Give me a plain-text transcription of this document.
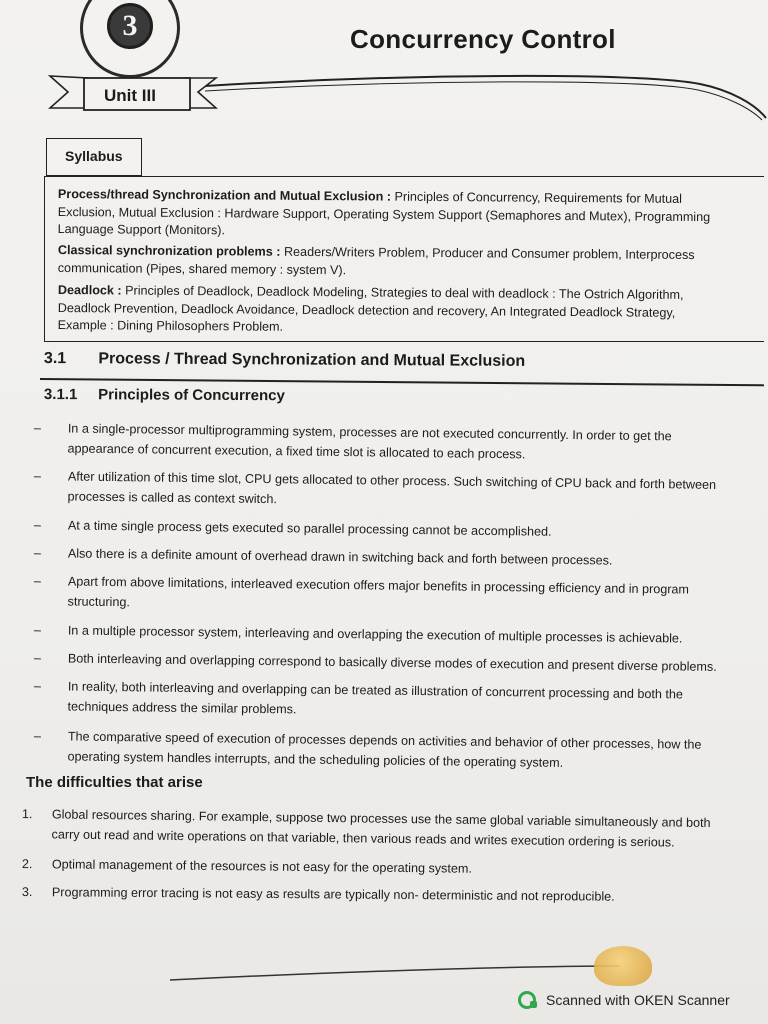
3
Unit III
Concurrency Control
Syllabus
Process/thread Synchronization and Mutual Exclusion : Principles of Concurrency, Requirements for Mutual
Exclusion, Mutual Exclusion : Hardware Support, Operating System Support (Semaphores and Mutex), Programming
Language Support (Monitors).
Classical synchronization problems : Readers/Writers Problem, Producer and Consumer problem, Interprocess
communication (Pipes, shared memory : system V).
Deadlock : Principles of Deadlock, Deadlock Modeling, Strategies to deal with deadlock : The Ostrich Algorithm,
Deadlock Prevention, Deadlock Avoidance, Deadlock detection and recovery, An Integrated Deadlock Strategy,
Example : Dining Philosophers Problem.
3.1 Process / Thread Synchronization and Mutual Exclusion
3.1.1 Principles of Concurrency
– In a single-processor multiprogramming system, processes are not executed concurrently. In order to get the
appearance of concurrent execution, a fixed time slot is allocated to each process.
– After utilization of this time slot, CPU gets allocated to other process. Such switching of CPU back and forth between
processes is called as context switch.
– At a time single process gets executed so parallel processing cannot be accomplished.
– Also there is a definite amount of overhead drawn in switching back and forth between processes.
– Apart from above limitations, interleaved execution offers major benefits in processing efficiency and in program
structuring.
– In a multiple processor system, interleaving and overlapping the execution of multiple processes is achievable.
– Both interleaving and overlapping correspond to basically diverse modes of execution and present diverse problems.
– In reality, both interleaving and overlapping can be treated as illustration of concurrent processing and both the
techniques address the similar problems.
– The comparative speed of execution of processes depends on activities and behavior of other processes, how the
operating system handles interrupts, and the scheduling policies of the operating system.
The difficulties that arise
1. Global resources sharing. For example, suppose two processes use the same global variable simultaneously and both
carry out read and write operations on that variable, then various reads and writes execution ordering is serious.
2. Optimal management of the resources is not easy for the operating system.
3. Programming error tracing is not easy as results are typically non- deterministic and not reproducible.
Scanned with OKEN Scanner
